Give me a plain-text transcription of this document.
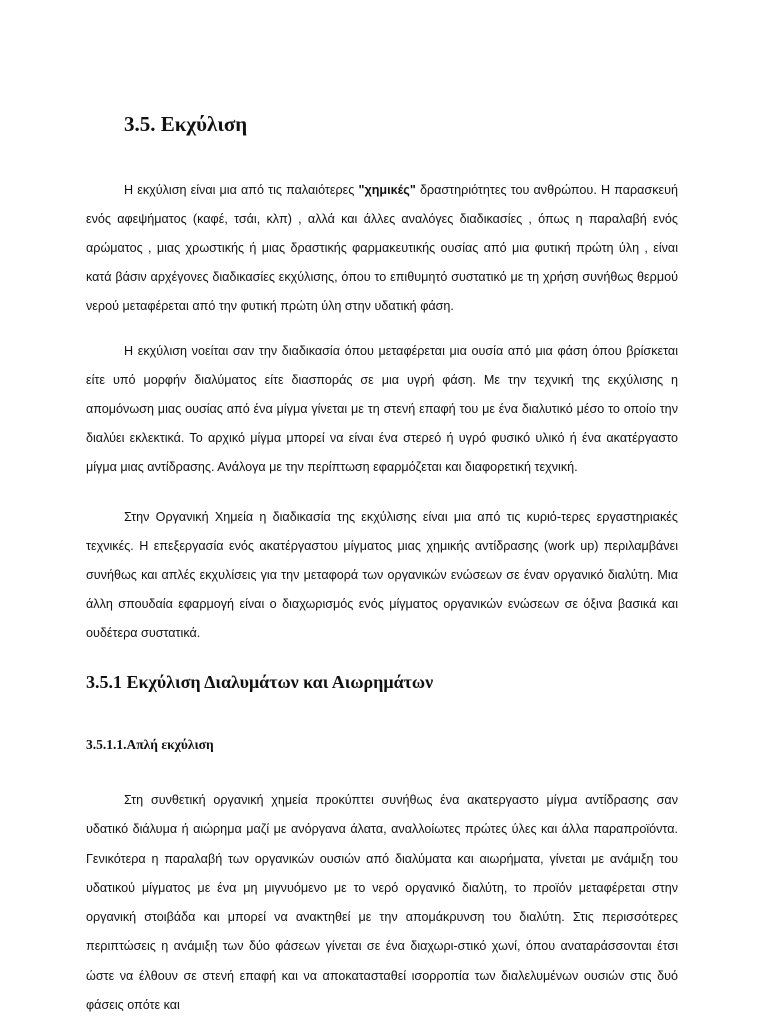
3.5. Εκχύλιση

Η εκχύλιση είναι μια από τις παλαιότερες "χημικές" δραστηριότητες του ανθρώπου. Η παρασκευή ενός αφεψήματος (καφέ, τσάι, κλπ) , αλλά και άλλες αναλόγες διαδικασίες , όπως η παραλαβή ενός αρώματος , μιας χρωστικής ή μιας δραστικής φαρμακευτικής ουσίας από μια φυτική πρώτη ύλη , είναι κατά βάσιν αρχέγονες διαδικασίες εκχύλισης, όπου το επιθυμητό συστατικό με τη χρήση συνήθως θερμού νερού μεταφέρεται από την φυτική πρώτη ύλη στην υδατική φάση.

Η εκχύλιση νοείται σαν την διαδικασία όπου μεταφέρεται μια ουσία από μια φάση όπου βρίσκεται είτε υπό μορφήν διαλύματος είτε διασποράς σε μια υγρή φάση. Με την τεχνική της εκχύλισης η απομόνωση μιας ουσίας από ένα μίγμα γίνεται με τη στενή επαφή του με ένα διαλυτικό μέσο το οποίο την διαλύει εκλεκτικά. Το αρχικό μίγμα μπορεί να είναι ένα στερεό ή υγρό φυσικό υλικό ή ένα ακατέργαστο μίγμα μιας αντίδρασης. Ανάλογα με την περίπτωση εφαρμόζεται και διαφορετική τεχνική.

Στην Οργανική Χημεία η διαδικασία της εκχύλισης είναι μια από τις κυριό-τερες εργαστηριακές τεχνικές. Η επεξεργασία ενός ακατέργαστου μίγματος μιας χημικής αντίδρασης (work up) περιλαμβάνει συνήθως και απλές εκχυλίσεις για την μεταφορά των οργανικών ενώσεων σε έναν οργανικό διαλύτη. Μια άλλη σπουδαία εφαρμογή είναι ο διαχωρισμός ενός μίγματος οργανικών ενώσεων σε όξινα βασικά και ουδέτερα συστατικά.

3.5.1 Εκχύλιση Διαλυμάτων και Αιωρημάτων
3.5.1.1.Απλή εκχύλιση

Στη συνθετική οργανική χημεία προκύπτει συνήθως ένα ακατεργαστο μίγμα αντίδρασης σαν υδατικό διάλυμα ή αιώρημα μαζί με ανόργανα άλατα, αναλλοίωτες πρώτες ύλες και άλλα παραπροϊόντα. Γενικότερα η παραλαβή των οργανικών ουσιών από διαλύματα και αιωρήματα, γίνεται με ανάμιξη του υδατικού μίγματος με ένα μη μιγνυόμενο με το νερό οργανικό διαλύτη, το προϊόν μεταφέρεται στην οργανική στοιβάδα και μπορεί να ανακτηθεί με την απομάκρυνση του διαλύτη. Στις περισσότερες περιπτώσεις η ανάμιξη των δύο φάσεων γίνεται σε ένα διαχωρι-στικό χωνί, όπου αναταράσσονται έτσι ώστε να έλθουν σε στενή επαφή και να αποκατασταθεί ισορροπία των διαλελυμένων ουσιών στις δυό φάσεις οπότε και
